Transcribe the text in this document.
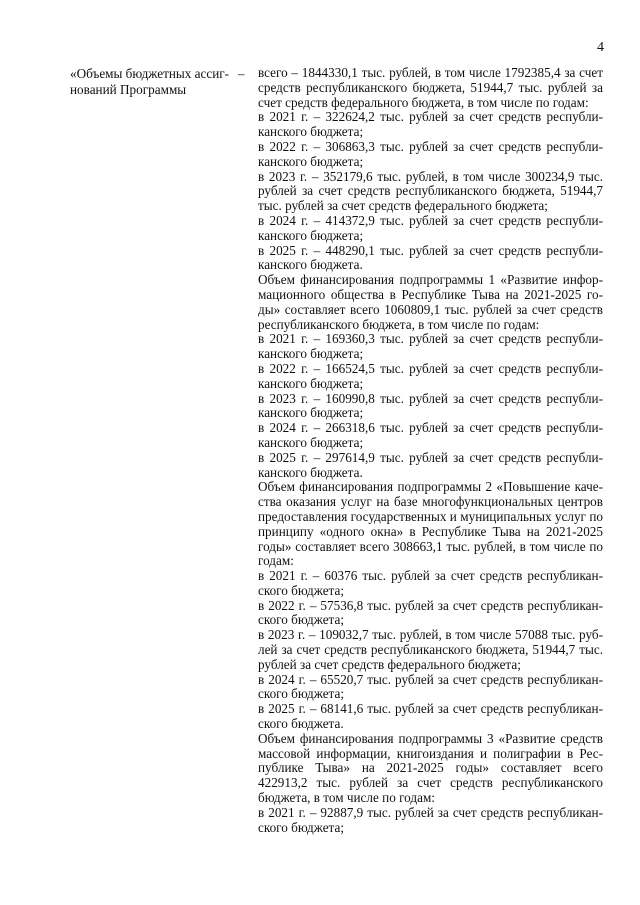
4
«Объемы бюджетных ассиг-
нований Программы
– всего – 1844330,1 тыс. рублей, в том числе 1792385,4 за счет
средств республиканского бюджета, 51944,7 тыс. рублей за
счет средств федерального бюджета, в том числе по годам:
в 2021 г. – 322624,2 тыс. рублей за счет средств республи-
канского бюджета;
в 2022 г. – 306863,3 тыс. рублей за счет средств республи-
канского бюджета;
в 2023 г. – 352179,6 тыс. рублей, в том числе 300234,9 тыс.
рублей за счет средств республиканского бюджета, 51944,7
тыс. рублей за счет средств федерального бюджета;
в 2024 г. – 414372,9 тыс. рублей за счет средств республи-
канского бюджета;
в 2025 г. – 448290,1 тыс. рублей за счет средств республи-
канского бюджета.
Объем финансирования подпрограммы 1 «Развитие инфор-
мационного общества в Республике Тыва на 2021-2025 го-
ды» составляет всего 1060809,1 тыс. рублей за счет средств
республиканского бюджета, в том числе по годам:
в 2021 г. – 169360,3 тыс. рублей за счет средств республи-
канского бюджета;
в 2022 г. – 166524,5 тыс. рублей за счет средств республи-
канского бюджета;
в 2023 г. – 160990,8 тыс. рублей за счет средств республи-
канского бюджета;
в 2024 г. – 266318,6 тыс. рублей за счет средств республи-
канского бюджета;
в 2025 г. – 297614,9 тыс. рублей за счет средств республи-
канского бюджета.
Объем финансирования подпрограммы 2 «Повышение каче-
ства оказания услуг на базе многофункциональных центров
предоставления государственных и муниципальных услуг по
принципу «одного окна» в Республике Тыва на 2021-2025
годы» составляет всего 308663,1 тыс. рублей, в том числе по
годам:
в 2021 г. – 60376 тыс. рублей за счет средств республикан-
ского бюджета;
в 2022 г. – 57536,8 тыс. рублей за счет средств республикан-
ского бюджета;
в 2023 г. – 109032,7 тыс. рублей, в том числе 57088 тыс. руб-
лей за счет средств республиканского бюджета, 51944,7 тыс.
рублей за счет средств федерального бюджета;
в 2024 г. – 65520,7 тыс. рублей за счет средств республикан-
ского бюджета;
в 2025 г. – 68141,6 тыс. рублей за счет средств республикан-
ского бюджета.
Объем финансирования подпрограммы 3 «Развитие средств
массовой информации, книгоиздания и полиграфии в Рес-
публике Тыва» на 2021-2025 годы» составляет всего
422913,2 тыс. рублей за счет средств республиканского
бюджета, в том числе по годам:
в 2021 г. – 92887,9 тыс. рублей за счет средств республикан-
ского бюджета;
